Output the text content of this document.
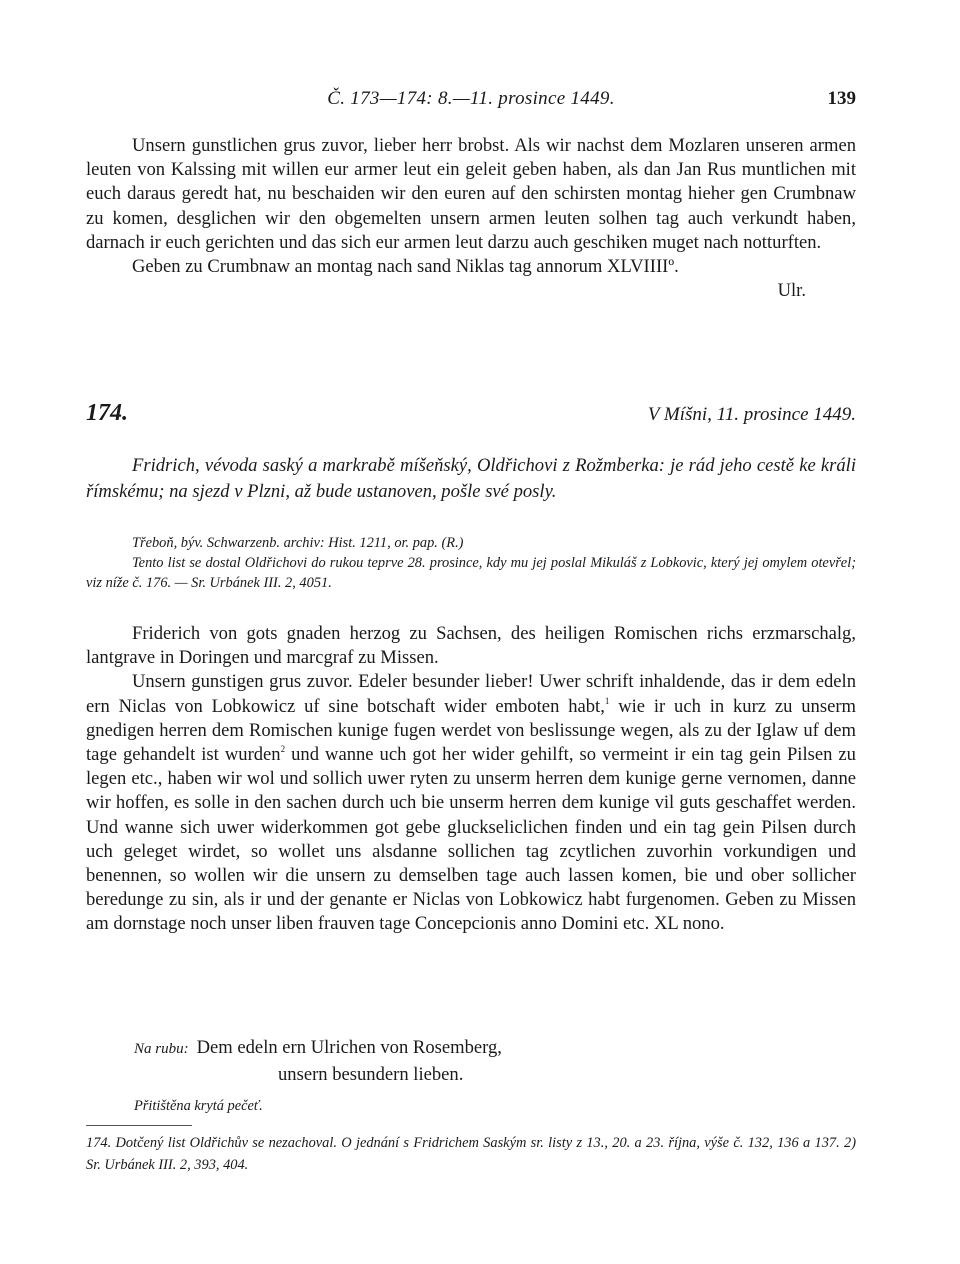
Č. 173—174: 8.—11. prosince 1449.	139

Unsern gunstlichen grus zuvor, lieber herr brobst. Als wir nachst dem Mozlaren unseren armen leuten von Kalssing mit willen eur armer leut ein geleit geben haben, als dan Jan Rus muntlichen mit euch daraus geredt hat, nu beschaiden wir den euren auf den schirsten montag hieher gen Crumbnaw zu komen, desglichen wir den obgemelten unsern armen leuten solhen tag auch verkundt haben, darnach ir euch gerichten und das sich eur armen leut darzu auch geschiken muget nach notturften.

Geben zu Crumbnaw an montag nach sand Niklas tag annorum XLVIIIIº.

Ulr.

174.	V Míšni, 11. prosince 1449.
Fridrich, vévoda saský a markrabě míšeňský, Oldřichovi z Rožmberka: je rád jeho cestě ke králi římskému; na sjezd v Plzni, až bude ustanoven, pošle své posly.

Třeboň, býv. Schwarzenb. archiv: Hist. 1211, or. pap. (R.)

Tento list se dostal Oldřichovi do rukou teprve 28. prosince, kdy mu jej poslal Mikuláš z Lobkovic, který jej omylem otevřel; viz níže č. 176. — Sr. Urbánek III. 2, 4051.

Friderich von gots gnaden herzog zu Sachsen, des heiligen Romischen richs erzmarschalg, lantgrave in Doringen und marcgraf zu Missen.

Unsern gunstigen grus zuvor. Edeler besunder lieber! Uwer schrift inhaldende, das ir dem edeln ern Niclas von Lobkowicz uf sine botschaft wider emboten habt,$^1$ wie ir uch in kurz zu unserm gnedigen herren dem Romischen kunige fugen werdet von beslissunge wegen, als zu der Iglaw uf dem tage gehandelt ist wurden$^2$ und wanne uch got her wider gehilft, so vermeint ir ein tag gein Pilsen zu legen etc., haben wir wol und sollich uwer ryten zu unserm herren dem kunige gerne vernomen, danne wir hoffen, es solle in den sachen durch uch bie unserm herren dem kunige vil guts geschaffet werden. Und wanne sich uwer widerkommen got gebe gluckseliclichen finden und ein tag gein Pilsen durch uch geleget wirdet, so wollet uns alsdanne sollichen tag zcytlichen zuvorhin vorkundigen und benennen, so wollen wir die unsern zu demselben tage auch lassen komen, bie und ober sollicher beredunge zu sin, als ir und der genante er Niclas von Lobkowicz habt furgenomen. Geben zu Missen am dornstage noch unser liben frauven tage Concepcionis anno Domini etc. XL nono.

Na rubu: Dem edeln ern Ulrichen von Rosemberg,
unsern besundern lieben.
Přitištěna krytá pečeť.

174. Dotčený list Oldřichův se nezachoval. O jednání s Fridrichem Saským sr. listy z 13., 20. a 23. října, výše č. 132, 136 a 137. 2) Sr. Urbánek III. 2, 393, 404.
